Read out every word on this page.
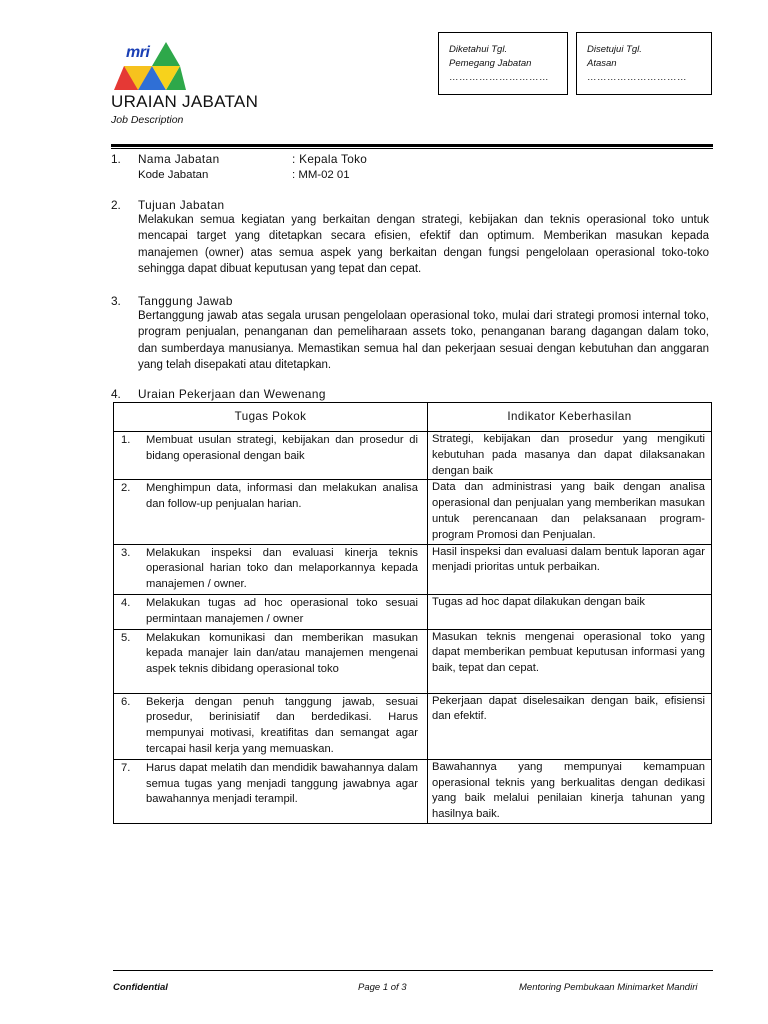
mri	Diketahui Tgl.
Pemegang Jabatan
…………………………
Disetujui Tgl.
Atasan
…………………………
URAIAN JABATAN
Job Description
1. Nama Jabatan	: Kepala Toko
Kode Jabatan	: MM-02 01
2. Tujuan Jabatan
Melakukan semua kegiatan yang berkaitan dengan strategi, kebijakan dan teknis operasional toko untuk mencapai target yang ditetapkan secara efisien, efektif dan optimum. Memberikan masukan kepada manajemen (owner) atas semua aspek yang berkaitan dengan fungsi pengelolaan operasional toko-toko sehingga dapat dibuat keputusan yang tepat dan cepat.
3. Tanggung Jawab
Bertanggung jawab atas segala urusan pengelolaan operasional toko, mulai dari strategi promosi internal toko, program penjualan, penanganan dan pemeliharaan assets toko, penanganan barang dagangan dalam toko, dan sumberdaya manusianya. Memastikan semua hal dan pekerjaan sesuai dengan kebutuhan dan anggaran yang telah disepakati atau ditetapkan.
4. Uraian Pekerjaan dan Wewenang
Tugas Pokok	Indikator Keberhasilan
1. Membuat usulan strategi, kebijakan dan prosedur di bidang operasional dengan baik	Strategi, kebijakan dan prosedur yang mengikuti kebutuhan pada masanya dan dapat dilaksanakan dengan baik
2. Menghimpun data, informasi dan melakukan analisa dan follow-up penjualan harian.	Data dan administrasi yang baik dengan analisa operasional dan penjualan yang memberikan masukan untuk perencanaan dan pelaksanaan program-program Promosi dan Penjualan.
3. Melakukan inspeksi dan evaluasi kinerja teknis operasional harian toko dan melaporkannya kepada manajemen / owner.	Hasil inspeksi dan evaluasi dalam bentuk laporan agar menjadi prioritas untuk perbaikan.
4. Melakukan tugas ad hoc operasional toko sesuai permintaan manajemen / owner	Tugas ad hoc dapat dilakukan dengan baik
5. Melakukan komunikasi dan memberikan masukan kepada manajer lain dan/atau manajemen mengenai aspek teknis dibidang operasional toko	Masukan teknis mengenai operasional toko yang dapat memberikan pembuat keputusan informasi yang baik, tepat dan cepat.
6. Bekerja dengan penuh tanggung jawab, sesuai prosedur, berinisiatif dan berdedikasi. Harus mempunyai motivasi, kreatifitas dan semangat agar tercapai hasil kerja yang memuaskan.	Pekerjaan dapat diselesaikan dengan baik, efisiensi dan efektif.
7. Harus dapat melatih dan mendidik bawahannya dalam semua tugas yang menjadi tanggung jawabnya agar bawahannya menjadi terampil.	Bawahannya yang mempunyai kemampuan operasional teknis yang berkualitas dengan dedikasi yang baik melalui penilaian kinerja tahunan yang hasilnya baik.
Confidential	Page 1 of 3	Mentoring Pembukaan Minimarket Mandiri
